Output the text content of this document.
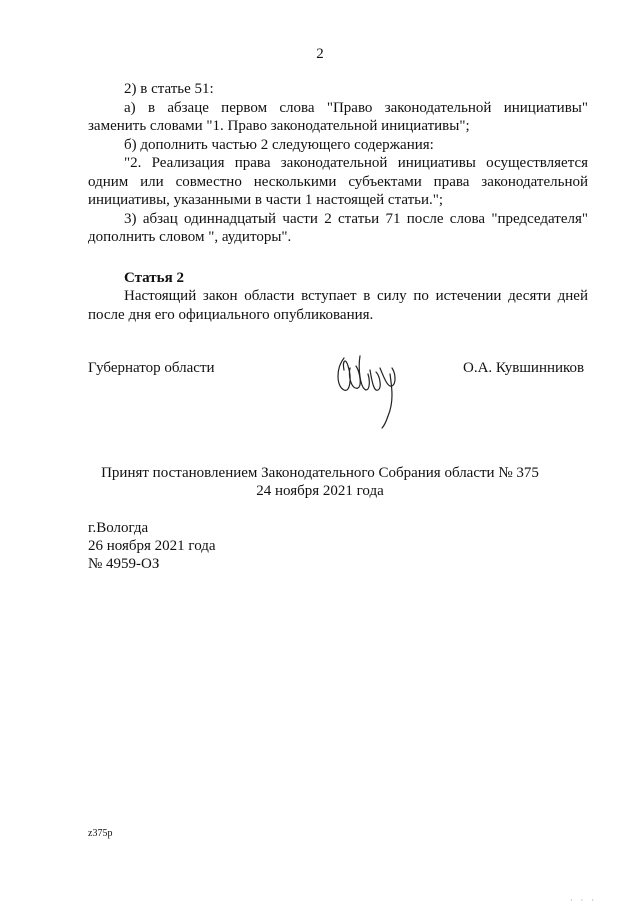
2

2) в статье 51:

а) в абзаце первом слова "Право законодательной инициативы" заменить словами "1. Право законодательной инициативы";

б) дополнить частью 2 следующего содержания:

"2. Реализация права законодательной инициативы осуществляется одним или совместно несколькими субъектами права законодательной инициативы, указанными в части 1 настоящей статьи.";

3) абзац одиннадцатый части 2 статьи 71 после слова "председателя" дополнить словом ", аудиторы".

Статья 2

Настоящий закон области вступает в силу по истечении десяти дней после дня его официального опубликования.

Губернатор области	О.А. Кувшинников
Принят постановлением Законодательного Собрания области № 375
24 ноября 2021 года
г.Вологда
26 ноября 2021 года
№ 4959-ОЗ
z375p
· · ·
